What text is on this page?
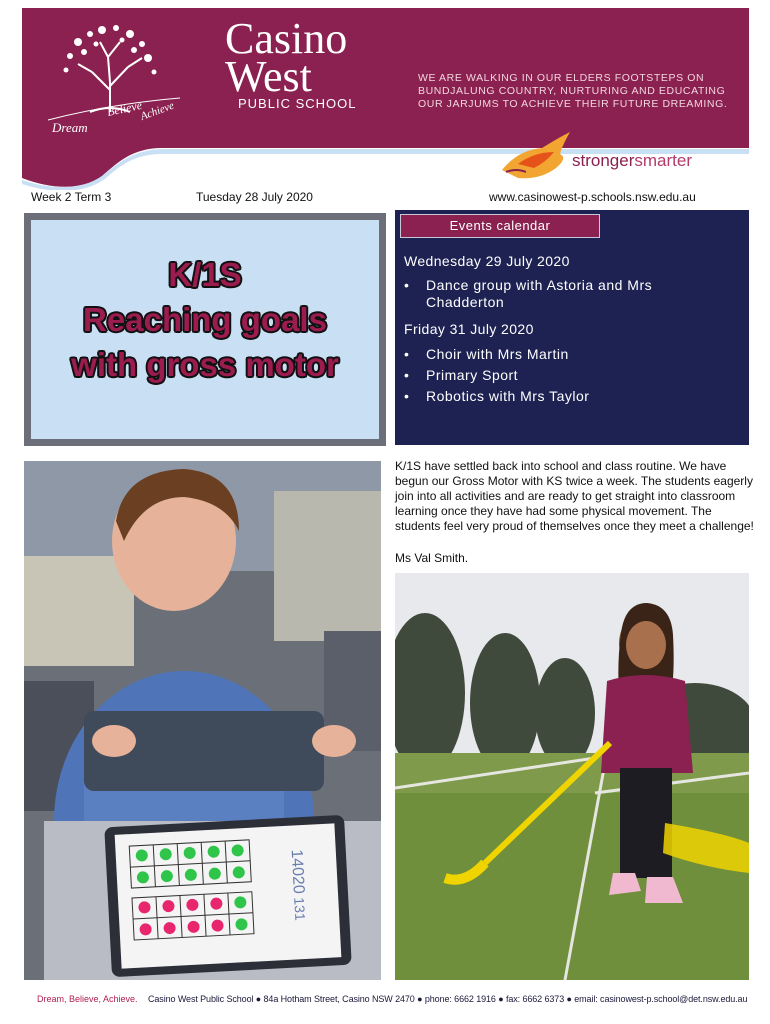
Dream
Believe
Achieve
Casino
West
PUBLIC SCHOOL
WE ARE WALKING IN OUR ELDERS FOOTSTEPS ON BUNDJALUNG COUNTRY, NURTURING AND EDUCATING OUR JARJUMS TO ACHIEVE THEIR FUTURE DREAMING.
strongersmarter
Week 2 Term 3	Tuesday 28 July 2020	www.casinowest-p.schools.nsw.edu.au
K/1S
Reaching goals
with gross motor
Events calendar
Wednesday 29 July 2020
• Dance group with Astoria and Mrs Chadderton
Friday 31 July 2020
• Choir with Mrs Martin
• Primary Sport
• Robotics with Mrs Taylor
K/1S have settled back into school and class routine. We have begun our Gross Motor with KS twice a week. The students eagerly join into all activities and are ready to get straight into classroom learning once they have had some physical movement. The students feel very proud of themselves once they meet a challenge!
Ms Val Smith.
14020
131
Dream, Believe, Achieve. Casino West Public School ● 84a Hotham Street, Casino NSW 2470 ● phone: 6662 1916 ● fax: 6662 6373 ● email: casinowest-p.school@det.nsw.edu.au
